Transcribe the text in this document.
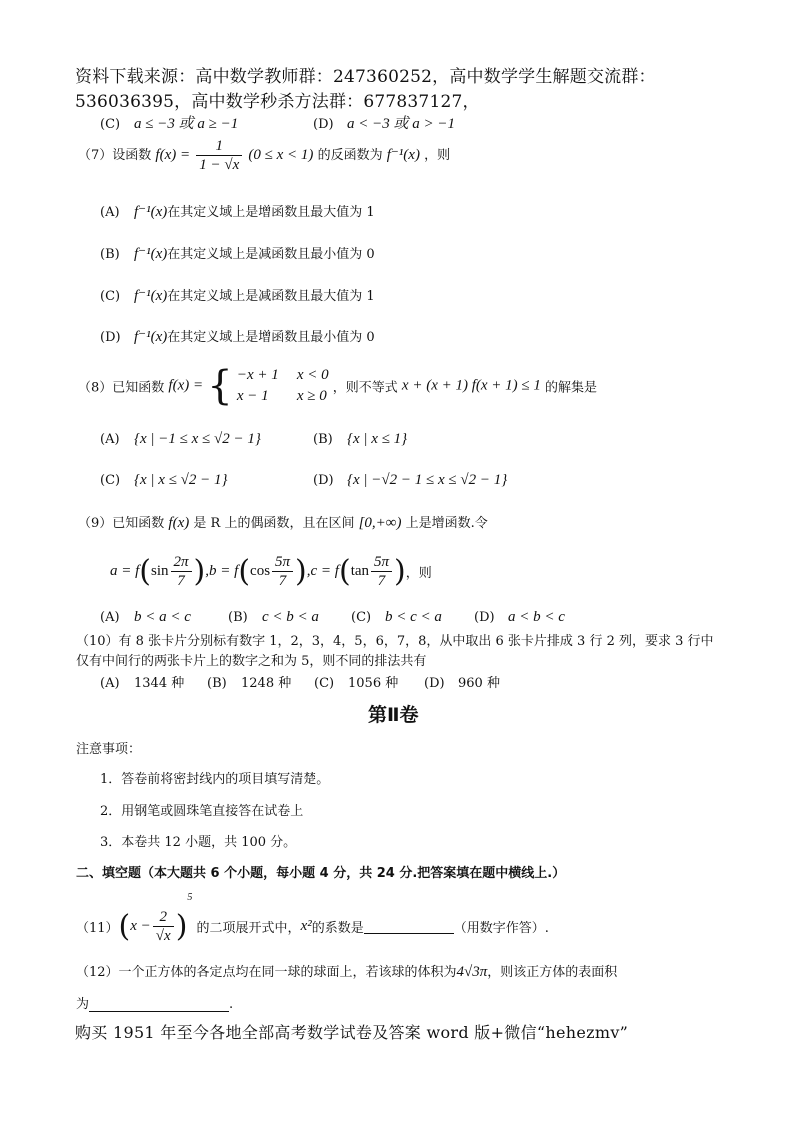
资料下载来源：高中数学教师群：247360252，高中数学学生解题交流群：
536036395，高中数学秒杀方法群：677837127，
(C) a ≤ −3 或 a ≥ −1	(D) a < −3 或 a > −1
（7）设函数 $f(x) = \frac{1}{1 - √x} (0 \le x < 1)$ 的反函数为 f⁻¹(x) ，则
(A) f⁻¹(x)在其定义域上是增函数且最大值为 1
(B) f⁻¹(x)在其定义域上是减函数且最小值为 0
(C) f⁻¹(x)在其定义域上是减函数且最大值为 1
(D) f⁻¹(x)在其定义域上是增函数且最小值为 0
（8）已知函数 f(x) = { −x + 1 x < 0
x − 1 x ≥ 0 ，则不等式 x + (x + 1) f(x + 1) ≤ 1 的解集是
(A) {x | −1 ≤ x ≤ √2 − 1}	(B) {x | x ≤ 1}
(C) {x | x ≤ √2 − 1}	(D) {x | −√2 − 1 ≤ x ≤ √2 − 1}
（9）已知函数 f(x) 是 R 上的偶函数，且在区间 [0,+∞) 上是增函数.令
$a = f(\sin \frac{2\pi}{7} ),b = f(\cos \frac{5\pi}{7} ),c = f(\tan \frac{5\pi}{7}$ )，则
(A) b < a < c	(B) c < b < a (C) b < c < a (D) a < b < c
（10）有 8 张卡片分别标有数字 1，2，3，4，5，6，7，8，从中取出 6 张卡片排成 3 行 2 列，要求 3 行中
仅有中间行的两张卡片上的数字之和为 5，则不同的排法共有
(A) 1344 种 (B) 1248 种 (C) 1056 种 (D) 960 种
第Ⅱ卷
注意事项：
1．答卷前将密封线内的项目填写清楚。
2．用钢笔或圆珠笔直接答在试卷上
3．本卷共 12 小题，共 100 分。
二、填空题（本大题共 6 个小题，每小题 4 分，共 24 分.把答案填在题中横线上.）
$(11)(x - \frac{2}{√x} )^5$ 的二项展开式中，x²的系数是	（用数字作答）.
（12）一个正方体的各定点均在同一球的球面上，若该球的体积为4√3π，则该正方体的表面积
为	.
购买 1951 年至今各地全部高考数学试卷及答案 word 版+微信“hehezmv”
